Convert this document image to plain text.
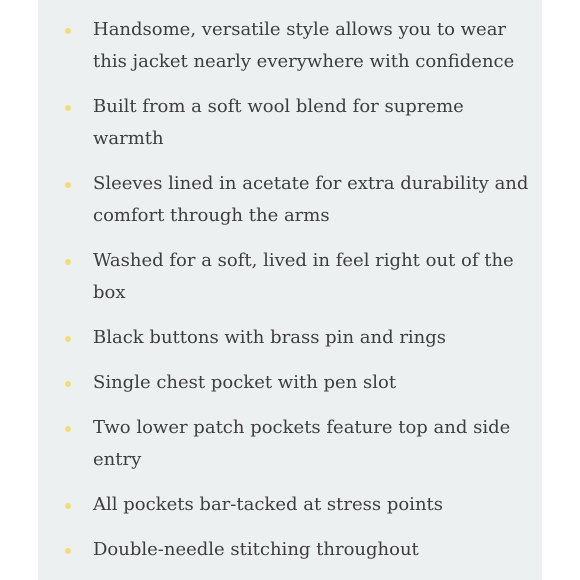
Handsome, versatile style allows you to wear this jacket nearly everywhere with confidence
Built from a soft wool blend for supreme warmth
Sleeves lined in acetate for extra durability and comfort through the arms
Washed for a soft, lived in feel right out of the box
Black buttons with brass pin and rings
Single chest pocket with pen slot
Two lower patch pockets feature top and side entry
All pockets bar-tacked at stress points
Double-needle stitching throughout
